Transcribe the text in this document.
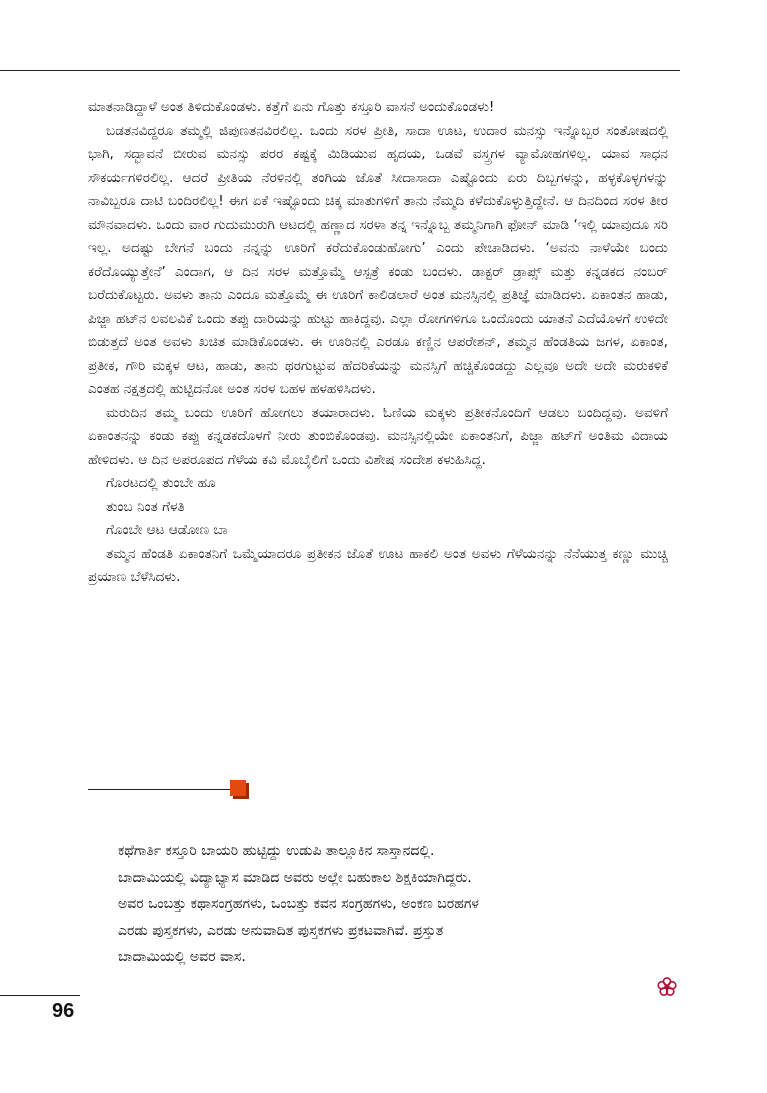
ಮಾತನಾಡಿದ್ದಾಳೆ ಅಂತ ತಿಳಿದುಕೊಂಡಳು. ಕತ್ತೆಗೆ ಏನು ಗೊತ್ತು ಕಸ್ತೂರಿ ವಾಸನೆ ಅಂದುಕೊಂಡಳು!

ಬಡತನವಿದ್ದರೂ ತಮ್ಮಲ್ಲಿ ಜಿಪುಣತನವಿರಲಿಲ್ಲ. ಒಂದು ಸರಳ ಪ್ರೀತಿ, ಸಾದಾ ಊಟ, ಉದಾರ ಮನಸ್ಸು ಇನ್ನೊಬ್ಬರ ಸಂತೋಷದಲ್ಲಿ ಭಾಗಿ, ಸದ್ಭಾವನೆ ಬೀರುವ ಮನಸ್ಸು ಪರರ ಕಷ್ಟಕ್ಕೆ ಮಿಡಿಯುವ ಹೃದಯ, ಒಡವೆ ವಸ್ತ್ರಗಳ ವ್ಯಾಮೋಹಗಳಿಲ್ಲ. ಯಾವ ಸಾಧನ ಸೌಕರ್ಯಗಳಿರಲಿಲ್ಲ. ಆದರೆ ಪ್ರೀತಿಯ ನೆರಳಿನಲ್ಲಿ ತಂಗಿಯ ಜೊತೆ ಸೀದಾಸಾದಾ ಎಷ್ಟೊಂದು ಏರು ದಿಬ್ಬಗಳನ್ನು, ಹಳ್ಳಕೊಳ್ಳಗಳನ್ನು ನಾವಿಬ್ಬರೂ ದಾಟಿ ಬಂದಿರಲಿಲ್ಲ! ಈಗ ಏಕೆ ಇಷ್ಟೊಂದು ಚಿಕ್ಕ ಮಾತುಗಳಿಗೆ ತಾನು ನೆಮ್ಮದಿ ಕಳೆದುಕೊಳ್ಳುತ್ತಿದ್ದೇನೆ. ಆ ದಿನದಿಂದ ಸರಳ ತೀರ ಮೌನವಾದಳು. ಒಂದು ವಾರ ಗುದುಮುರುಗಿ ಆಟದಲ್ಲಿ ಹಣ್ಣಾದ ಸರಳಾ ತನ್ನ ಇನ್ನೊಬ್ಬ ತಮ್ಮನಿಗಾಗಿ ಫೋನ್ ಮಾಡಿ ‘ಇಲ್ಲಿ ಯಾವುದೂ ಸರಿ ಇಲ್ಲ. ಅದಷ್ಟು ಬೇಗನೆ ಬಂದು ನನ್ನನ್ನು ಊರಿಗೆ ಕರೆದುಕೊಂಡುಹೋಗು’ ಎಂದು ಪೇಚಾಡಿದಳು. ‘ಅವನು ನಾಳೆಯೇ ಬಂದು ಕರೆದೊಯ್ಯುತ್ತೇನೆ’ ಎಂದಾಗ, ಆ ದಿನ ಸರಳ ಮತ್ತೊಮ್ಮೆ ಆಸ್ಪತ್ರೆ ಕಂಡು ಬಂದಳು. ಡಾಕ್ಟರ್ ಡ್ರಾಪ್ಸ್ ಮತ್ತು ಕನ್ನಡಕದ ನಂಬರ್ ಬರೆದುಕೊಟ್ಟರು. ಅವಳು ತಾನು ಎಂದೂ ಮತ್ತೊಮ್ಮೆ ಈ ಊರಿಗೆ ಕಾಲಿಡಲಾರೆ ಅಂತ ಮನಸ್ಸಿನಲ್ಲಿ ಪ್ರತಿಜ್ಞೆ ಮಾಡಿದಳು. ಏಕಾಂತನ ಹಾಡು, ಪಿಜ್ಜಾ ಹಟ್‌ನ ಲವಲವಿಕೆ ಒಂದು ತಪ್ಪು ದಾರಿಯನ್ನು ಹುಟ್ಟು ಹಾಕಿದ್ದವು. ಎಲ್ಲಾ ರೋಗಗಳಿಗೂ ಒಂದೊಂದು ಯಾತನೆ ಎದೆಯೊಳಗೆ ಉಳಿದೇ ಬಿಡುತ್ತದೆ ಅಂತ ಅವಳು ಖಚಿತ ಮಾಡಿಕೊಂಡಳು. ಈ ಊರಿನಲ್ಲಿ ಎರಡೂ ಕಣ್ಣಿನ ಆಪರೇಶನ್, ತಮ್ಮನ ಹೆಂಡತಿಯ ಜಗಳ, ಏಕಾಂತ, ಪ್ರತೀಕ, ಗೌರಿ ಮಕ್ಕಳ ಆಟ, ಹಾಡು, ತಾನು ಥರಗುಟ್ಟುವ ಹೆದರಿಕೆಯನ್ನು ಮನಸ್ಸಿಗೆ ಹಚ್ಚಿಕೊಂಡದ್ದು ಎಲ್ಲವೂ ಅದೇ ಅದೇ ಮರುಕಳಿಕೆ ಎಂತಹ ನಕ್ಷತ್ರದಲ್ಲಿ ಹುಟ್ಟಿದನೋ ಅಂತ ಸರಳ ಬಹಳ ಹಳಹಳಿಸಿದಳು.

ಮರುದಿನ ತಮ್ಮ ಬಂದು ಊರಿಗೆ ಹೋಗಲು ತಯಾರಾದಳು. ಓಣಿಯ ಮಕ್ಕಳು ಪ್ರತೀಕನೊಂದಿಗೆ ಆಡಲು ಬಂದಿದ್ದವು. ಅವಳಿಗೆ ಏಕಾಂತನನ್ನು ಕಂಡು ಕಪ್ಪು ಕನ್ನಡಕದೊಳಗೆ ನೀರು ತುಂಬಿಕೊಂಡವು. ಮನಸ್ಸಿನಲ್ಲಿಯೇ ಏಕಾಂತನಿಗೆ, ಪಿಜ್ಜಾ ಹಟ್‌ಗೆ ಅಂತಿಮ ವಿದಾಯ ಹೇಳಿದಳು. ಆ ದಿನ ಅಪರೂಪದ ಗೆಳೆಯ ಕವಿ ಮೊಬೈಲಿಗೆ ಒಂದು ವಿಶೇಷ ಸಂದೇಶ ಕಳುಹಿಸಿದ್ದ.

ಗೊರಟದಲ್ಲಿ ತುಂಬೇ ಹೂ

ತುಂಬ ನಿಂತ ಗೆಳತಿ

ಗೊಂಬೇ ಆಟ ಆಡೋಣ ಬಾ

ತಮ್ಮನ ಹೆಂಡತಿ ಏಕಾಂತನಿಗೆ ಒಮ್ಮೆಯಾದರೂ ಪ್ರತೀಕನ ಜೊತೆ ಊಟ ಹಾಕಲಿ ಅಂತ ಅವಳು ಗೆಳೆಯನನ್ನು ನೆನೆಯುತ್ತ ಕಣ್ಣು ಮುಚ್ಚಿ ಪ್ರಯಾಣ ಬೆಳೆಸಿದಳು.

ಕಥೆಗಾರ್ತಿ ಕಸ್ತೂರಿ ಬಾಯರಿ ಹುಟ್ಟಿದ್ದು ಉಡುಪಿ ತಾಲ್ಲೂಕಿನ ಸಾಸ್ತಾನದಲ್ಲಿ.

ಬಾದಾಮಿಯಲ್ಲಿ ವಿದ್ಯಾಭ್ಯಾಸ ಮಾಡಿದ ಅವರು ಅಲ್ಲೇ ಬಹುಕಾಲ ಶಿಕ್ಷಕಿಯಾಗಿದ್ದರು.

ಅವರ ಒಂಬತ್ತು ಕಥಾಸಂಗ್ರಹಗಳು, ಒಂಬತ್ತು ಕವನ ಸಂಗ್ರಹಗಳು, ಅಂಕಣ ಬರಹಗಳ

ಎರಡು ಪುಸ್ತಕಗಳು, ಎರಡು ಅನುವಾದಿತ ಪುಸ್ತಕಗಳು ಪ್ರಕಟವಾಗಿವೆ. ಪ್ರಸ್ತುತ

ಬಾದಾಮಿಯಲ್ಲಿ ಅವರ ವಾಸ.

96
